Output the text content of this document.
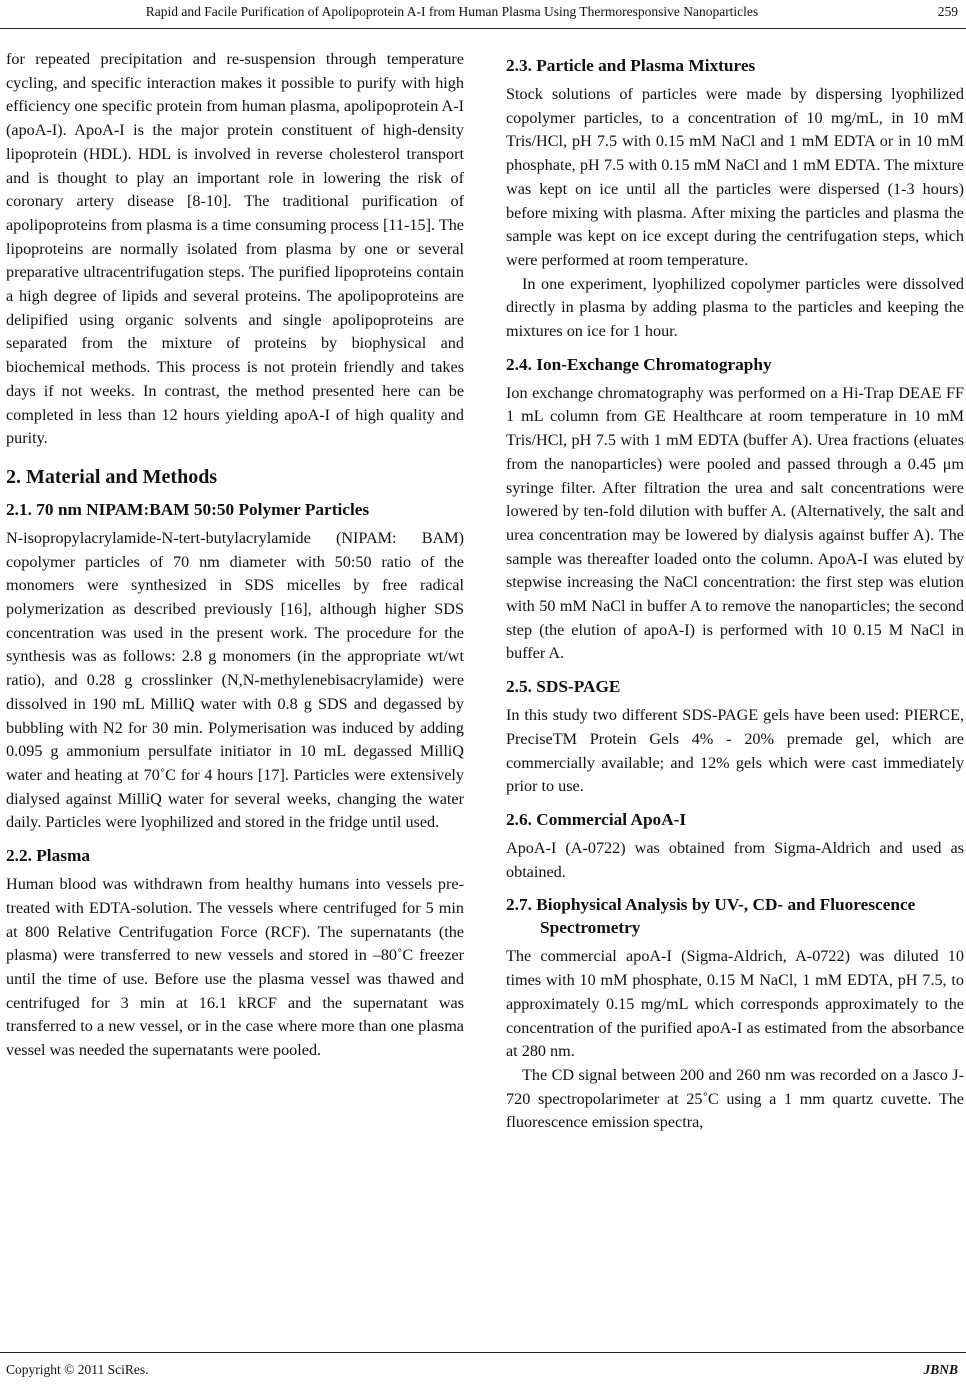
Rapid and Facile Purification of Apolipoprotein A-I from Human Plasma Using Thermoresponsive Nanoparticles	259

for repeated precipitation and re-suspension through temperature cycling, and specific interaction makes it possible to purify with high efficiency one specific protein from human plasma, apolipoprotein A-I (apoA-I). ApoA-I is the major protein constituent of high-density lipoprotein (HDL). HDL is involved in reverse cholesterol transport and is thought to play an important role in lowering the risk of coronary artery disease [8-10]. The traditional purification of apolipoproteins from plasma is a time consuming process [11-15]. The lipoproteins are normally isolated from plasma by one or several preparative ultracentrifugation steps. The purified lipoproteins contain a high degree of lipids and several proteins. The apolipoproteins are delipified using organic solvents and single apolipoproteins are separated from the mixture of proteins by biophysical and biochemical methods. This process is not protein friendly and takes days if not weeks. In contrast, the method presented here can be completed in less than 12 hours yielding apoA-I of high quality and purity.

2. Material and Methods
2.1. 70 nm NIPAM:BAM 50:50 Polymer Particles

N-isopropylacrylamide-N-tert-butylacrylamide (NIPAM: BAM) copolymer particles of 70 nm diameter with 50:50 ratio of the monomers were synthesized in SDS micelles by free radical polymerization as described previously [16], although higher SDS concentration was used in the present work. The procedure for the synthesis was as follows: 2.8 g monomers (in the appropriate wt/wt ratio), and 0.28 g crosslinker (N,N-methylenebisacrylamide) were dissolved in 190 mL MilliQ water with 0.8 g SDS and degassed by bubbling with N2 for 30 min. Polymerisation was induced by adding 0.095 g ammonium persulfate initiator in 10 mL degassed MilliQ water and heating at 70˚C for 4 hours [17]. Particles were extensively dialysed against MilliQ water for several weeks, changing the water daily. Particles were lyophilized and stored in the fridge until used.

2.2. Plasma

Human blood was withdrawn from healthy humans into vessels pre-treated with EDTA-solution. The vessels where centrifuged for 5 min at 800 Relative Centrifugation Force (RCF). The supernatants (the plasma) were transferred to new vessels and stored in –80˚C freezer until the time of use. Before use the plasma vessel was thawed and centrifuged for 3 min at 16.1 kRCF and the supernatant was transferred to a new vessel, or in the case where more than one plasma vessel was needed the supernatants were pooled.

2.3. Particle and Plasma Mixtures

Stock solutions of particles were made by dispersing lyophilized copolymer particles, to a concentration of 10 mg/mL, in 10 mM Tris/HCl, pH 7.5 with 0.15 mM NaCl and 1 mM EDTA or in 10 mM phosphate, pH 7.5 with 0.15 mM NaCl and 1 mM EDTA. The mixture was kept on ice until all the particles were dispersed (1-3 hours) before mixing with plasma. After mixing the particles and plasma the sample was kept on ice except during the centrifugation steps, which were performed at room temperature.

In one experiment, lyophilized copolymer particles were dissolved directly in plasma by adding plasma to the particles and keeping the mixtures on ice for 1 hour.

2.4. Ion-Exchange Chromatography

Ion exchange chromatography was performed on a Hi-Trap DEAE FF 1 mL column from GE Healthcare at room temperature in 10 mM Tris/HCl, pH 7.5 with 1 mM EDTA (buffer A). Urea fractions (eluates from the nanoparticles) were pooled and passed through a 0.45 μm syringe filter. After filtration the urea and salt concentrations were lowered by ten-fold dilution with buffer A. (Alternatively, the salt and urea concentration may be lowered by dialysis against buffer A). The sample was thereafter loaded onto the column. ApoA-I was eluted by stepwise increasing the NaCl concentration: the first step was elution with 50 mM NaCl in buffer A to remove the nanoparticles; the second step (the elution of apoA-I) is performed with 10 0.15 M NaCl in buffer A.

2.5. SDS-PAGE

In this study two different SDS-PAGE gels have been used: PIERCE, PreciseTM Protein Gels 4% - 20% premade gel, which are commercially available; and 12% gels which were cast immediately prior to use.

2.6. Commercial ApoA-I

ApoA-I (A-0722) was obtained from Sigma-Aldrich and used as obtained.

2.7. Biophysical Analysis by UV-, CD- and Fluorescence Spectrometry

The commercial apoA-I (Sigma-Aldrich, A-0722) was diluted 10 times with 10 mM phosphate, 0.15 M NaCl, 1 mM EDTA, pH 7.5, to approximately 0.15 mg/mL which corresponds approximately to the concentration of the purified apoA-I as estimated from the absorbance at 280 nm.

The CD signal between 200 and 260 nm was recorded on a Jasco J-720 spectropolarimeter at 25˚C using a 1 mm quartz cuvette. The fluorescence emission spectra,

Copyright © 2011 SciRes.	JBNB
